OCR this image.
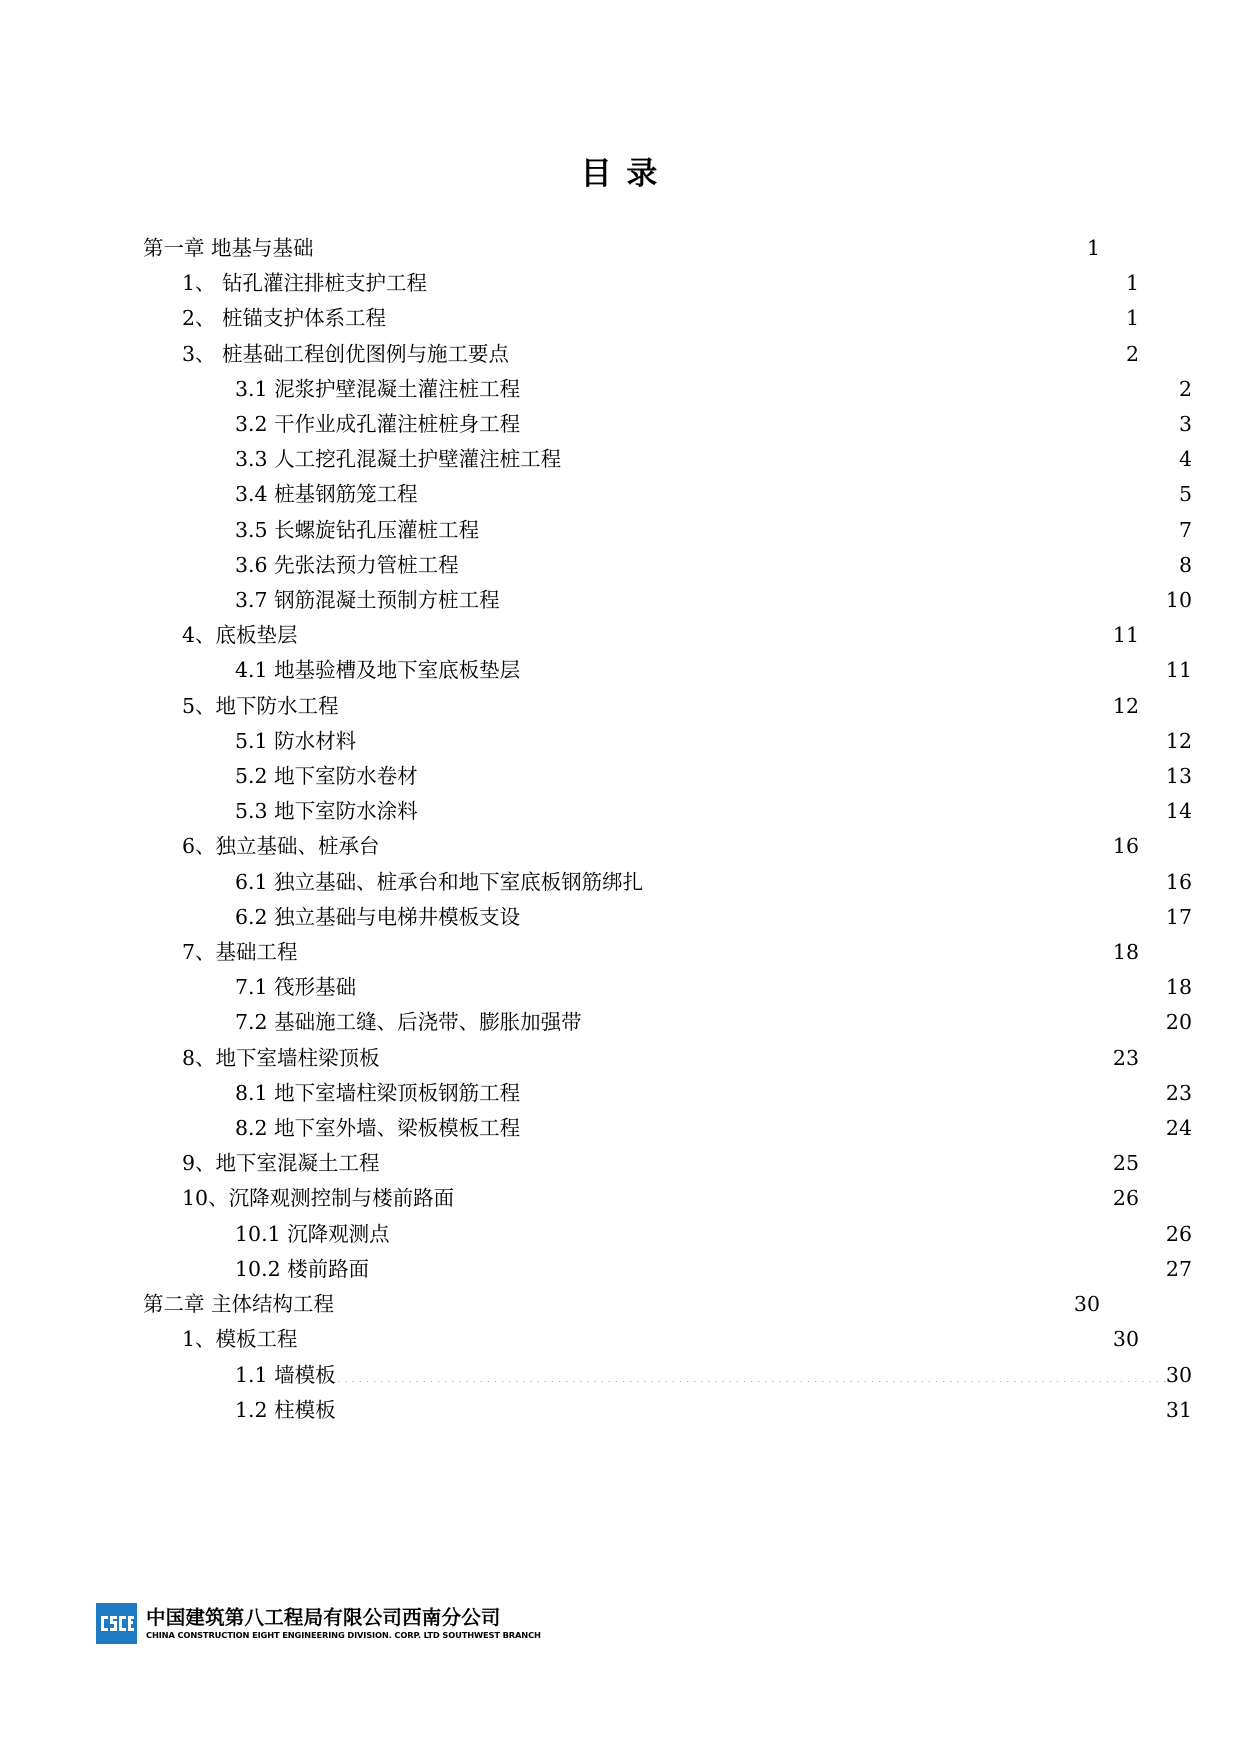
目 录
第一章 地基与基础 .....	1
1、 钻孔灌注排桩支护工程 .....	1
2、 桩锚支护体系工程 .....	1
3、 桩基础工程创优图例与施工要点 .....	2
3.1 泥浆护壁混凝土灌注桩工程 .....	2
3.2 干作业成孔灌注桩桩身工程 .....	3
3.3 人工挖孔混凝土护壁灌注桩工程 .....	4
3.4 桩基钢筋笼工程 .....	5
3.5 长螺旋钻孔压灌桩工程 .....	7
3.6 先张法预力管桩工程 .....	8
3.7 钢筋混凝土预制方桩工程 .....	10
4、底板垫层 .....	11
4.1 地基验槽及地下室底板垫层 .....	11
5、地下防水工程 .....	12
5.1 防水材料 .....	12
5.2 地下室防水卷材 .....	13
5.3 地下室防水涂料 .....	14
6、独立基础、桩承台 .....	16
6.1 独立基础、桩承台和地下室底板钢筋绑扎 .....	16
6.2 独立基础与电梯井模板支设 .....	17
7、基础工程 .....	18
7.1 筏形基础 .....	18
7.2 基础施工缝、后浇带、膨胀加强带 .....	20
8、地下室墙柱梁顶板 .....	23
8.1 地下室墙柱梁顶板钢筋工程 .....	23
8.2 地下室外墙、梁板模板工程 .....	24
9、地下室混凝土工程 .....	25
10、沉降观测控制与楼前路面 .....	26
10.1 沉降观测点 .....	26
10.2 楼前路面 .....	27
第二章 主体结构工程 .....	30
1、模板工程 .....	30
1.1 墙模板 .....	30
1.2 柱模板 .....	31
中国建筑第八工程局有限公司西南分公司
CHINA CONSTRUCTION EIGHT ENGINEERING DIVISION. CORP. LTD SOUTHWEST BRANCH
